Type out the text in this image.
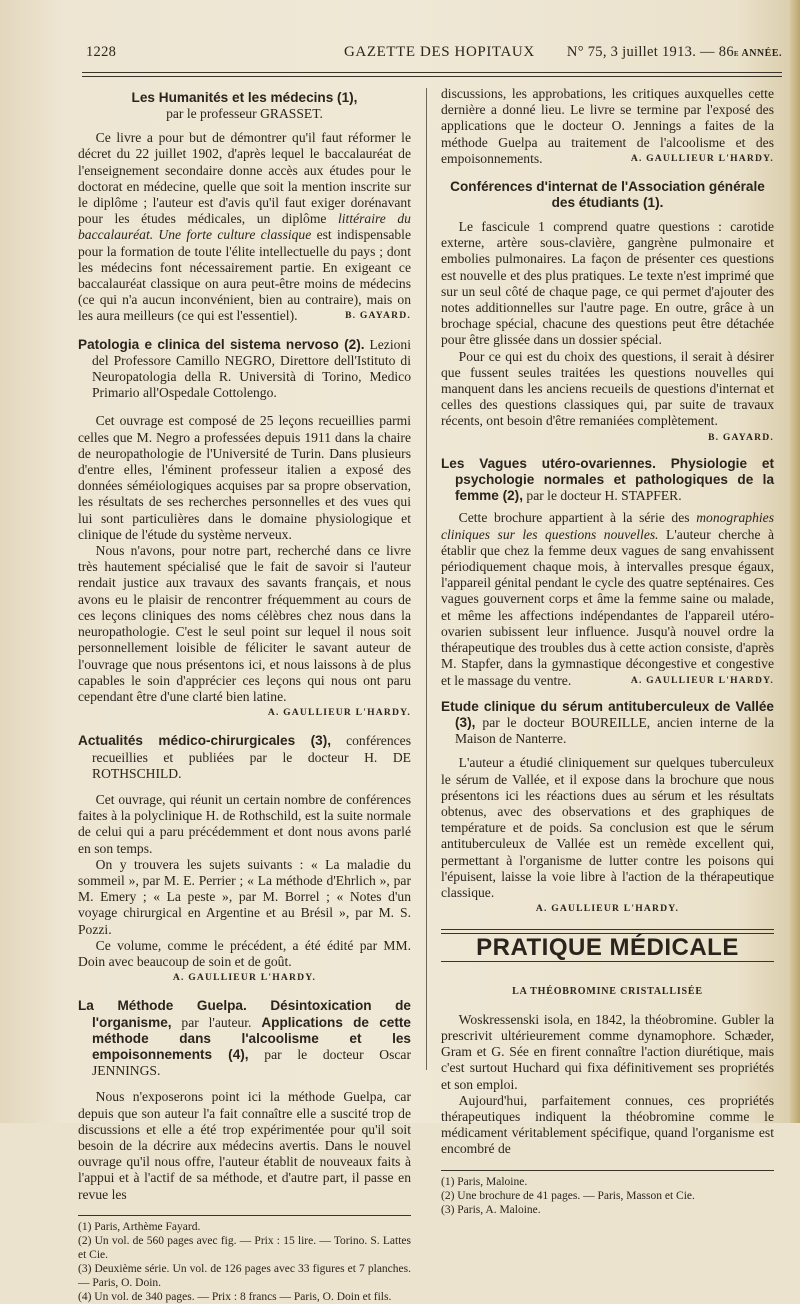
1228	GAZETTE DES HOPITAUX N° 75, 3 juillet 1913. — 86e ANNÉE.
Les Humanités et les médecins (1),
par le professeur GRASSET.

Ce livre a pour but de démontrer qu'il faut réformer le décret du 22 juillet 1902, d'après lequel le baccalauréat de l'enseignement secondaire donne accès aux études pour le doctorat en médecine, quelle que soit la mention inscrite sur le diplôme ; l'auteur est d'avis qu'il faut exiger dorénavant pour les études médicales, un diplôme littéraire du baccalauréat. Une forte culture classique est indispensable pour la formation de toute l'élite intellectuelle du pays ; dont les médecins font nécessairement partie. En exigeant ce baccalauréat classique on aura peut-être moins de médecins (ce qui n'a aucun inconvénient, bien au contraire), mais on les aura meilleurs (ce qui est l'essentiel).	B. GAYARD.

Patologia e clinica del sistema nervoso (2). Lezioni del Professore Camillo NEGRO, Direttore dell'Istituto di Neuropatologia della R. Università di Torino, Medico Primario all'Ospedale Cottolengo.

Cet ouvrage est composé de 25 leçons recueillies parmi celles que M. Negro a professées depuis 1911 dans la chaire de neuropathologie de l'Université de Turin. Dans plusieurs d'entre elles, l'éminent professeur italien a exposé des données séméiologiques acquises par sa propre observation, les résultats de ses recherches personnelles et des vues qui lui sont particulières dans le domaine physiologique et clinique de l'étude du système nerveux.

Nous n'avons, pour notre part, recherché dans ce livre très hautement spécialisé que le fait de savoir si l'auteur rendait justice aux travaux des savants français, et nous avons eu le plaisir de rencontrer fréquemment au cours de ces leçons cliniques des noms célèbres chez nous dans la neuropathologie. C'est le seul point sur lequel il nous soit personnellement loisible de féliciter le savant auteur de l'ouvrage que nous présentons ici, et nous laissons à de plus capables le soin d'apprécier ces leçons qui nous ont paru cependant être d'une clarté bien latine.

A. GAULLIEUR L'HARDY.

Actualités médico-chirurgicales (3), conférences recueillies et publiées par le docteur H. DE ROTHSCHILD.

Cet ouvrage, qui réunit un certain nombre de conférences faites à la polyclinique H. de Rothschild, est la suite normale de celui qui a paru précédemment et dont nous avons parlé en son temps.

On y trouvera les sujets suivants : « La maladie du sommeil », par M. E. Perrier ; « La méthode d'Ehrlich », par M. Emery ; « La peste », par M. Borrel ; « Notes d'un voyage chirurgical en Argentine et au Brésil », par M. S. Pozzi.

Ce volume, comme le précédent, a été édité par MM. Doin avec beaucoup de soin et de goût.

A. GAULLIEUR L'HARDY.

La Méthode Guelpa. Désintoxication de l'organisme, par l'auteur. Applications de cette méthode dans l'alcoolisme et les empoisonnements (4), par le docteur Oscar JENNINGS.

Nous n'exposerons point ici la méthode Guelpa, car depuis que son auteur l'a fait connaître elle a suscité trop de discussions et elle a été trop expérimentée pour qu'il soit besoin de la décrire aux médecins avertis. Dans le nouvel ouvrage qu'il nous offre, l'auteur établit de nouveaux faits à l'appui et à l'actif de sa méthode, et d'autre part, il passe en revue les

(1) Paris, Arthème Fayard.

(2) Un vol. de 560 pages avec fig. — Prix : 15 lire. — Torino. S. Lattes et Cie.

(3) Deuxième série. Un vol. de 126 pages avec 33 figures et 7 planches. — Paris, O. Doin.

(4) Un vol. de 340 pages. — Prix : 8 francs — Paris, O. Doin et fils.

discussions, les approbations, les critiques auxquelles cette dernière a donné lieu. Le livre se termine par l'exposé des applications que le docteur O. Jennings a faites de la méthode Guelpa au traitement de l'alcoolisme et des empoisonnements.	A. GAULLIEUR L'HARDY.

Conférences d'internat de l'Association générale des étudiants (1).

Le fascicule 1 comprend quatre questions : carotide externe, artère sous-clavière, gangrène pulmonaire et embolies pulmonaires. La façon de présenter ces questions est nouvelle et des plus pratiques. Le texte n'est imprimé que sur un seul côté de chaque page, ce qui permet d'ajouter des notes additionnelles sur l'autre page. En outre, grâce à un brochage spécial, chacune des questions peut être détachée pour être glissée dans un dossier spécial.

Pour ce qui est du choix des questions, il serait à désirer que fussent seules traitées les questions nouvelles qui manquent dans les anciens recueils de questions d'internat et celles des questions classiques qui, par suite de travaux récents, ont besoin d'être remaniées complètement.

B. GAYARD.

Les Vagues utéro-ovariennes. Physiologie et psychologie normales et pathologiques de la femme (2), par le docteur H. STAPFER.

Cette brochure appartient à la série des monographies cliniques sur les questions nouvelles. L'auteur cherche à établir que chez la femme deux vagues de sang envahissent périodiquement chaque mois, à intervalles presque égaux, l'appareil génital pendant le cycle des quatre septénaires. Ces vagues gouvernent corps et âme la femme saine ou malade, et même les affections indépendantes de l'appareil utéro-ovarien subissent leur influence. Jusqu'à nouvel ordre la thérapeutique des troubles dus à cette action consiste, d'après M. Stapfer, dans la gymnastique décongestive et congestive et le massage du ventre.	A. GAULLIEUR L'HARDY.

Etude clinique du sérum antituberculeux de Vallée (3), par le docteur BOUREILLE, ancien interne de la Maison de Nanterre.

L'auteur a étudié cliniquement sur quelques tuberculeux le sérum de Vallée, et il expose dans la brochure que nous présentons ici les réactions dues au sérum et les résultats obtenus, avec des observations et des graphiques de température et de poids. Sa conclusion est que le sérum antituberculeux de Vallée est un remède excellent qui, permettant à l'organisme de lutter contre les poisons qui l'épuisent, laisse la voie libre à l'action de la thérapeutique classique.

A. GAULLIEUR L'HARDY.
PRATIQUE MÉDICALE
LA THÉOBROMINE CRISTALLISÉE

Woskressenski isola, en 1842, la théobromine. Gubler la prescrivit ultérieurement comme dynamophore. Schæder, Gram et G. Sée en firent connaître l'action diurétique, mais c'est surtout Huchard qui fixa définitivement ses propriétés et son emploi.

Aujourd'hui, parfaitement connues, ces propriétés thérapeutiques indiquent la théobromine comme le médicament véritablement spécifique, quand l'organisme est encombré de

(1) Paris, Maloine.

(2) Une brochure de 41 pages. — Paris, Masson et Cie.

(3) Paris, A. Maloine.
